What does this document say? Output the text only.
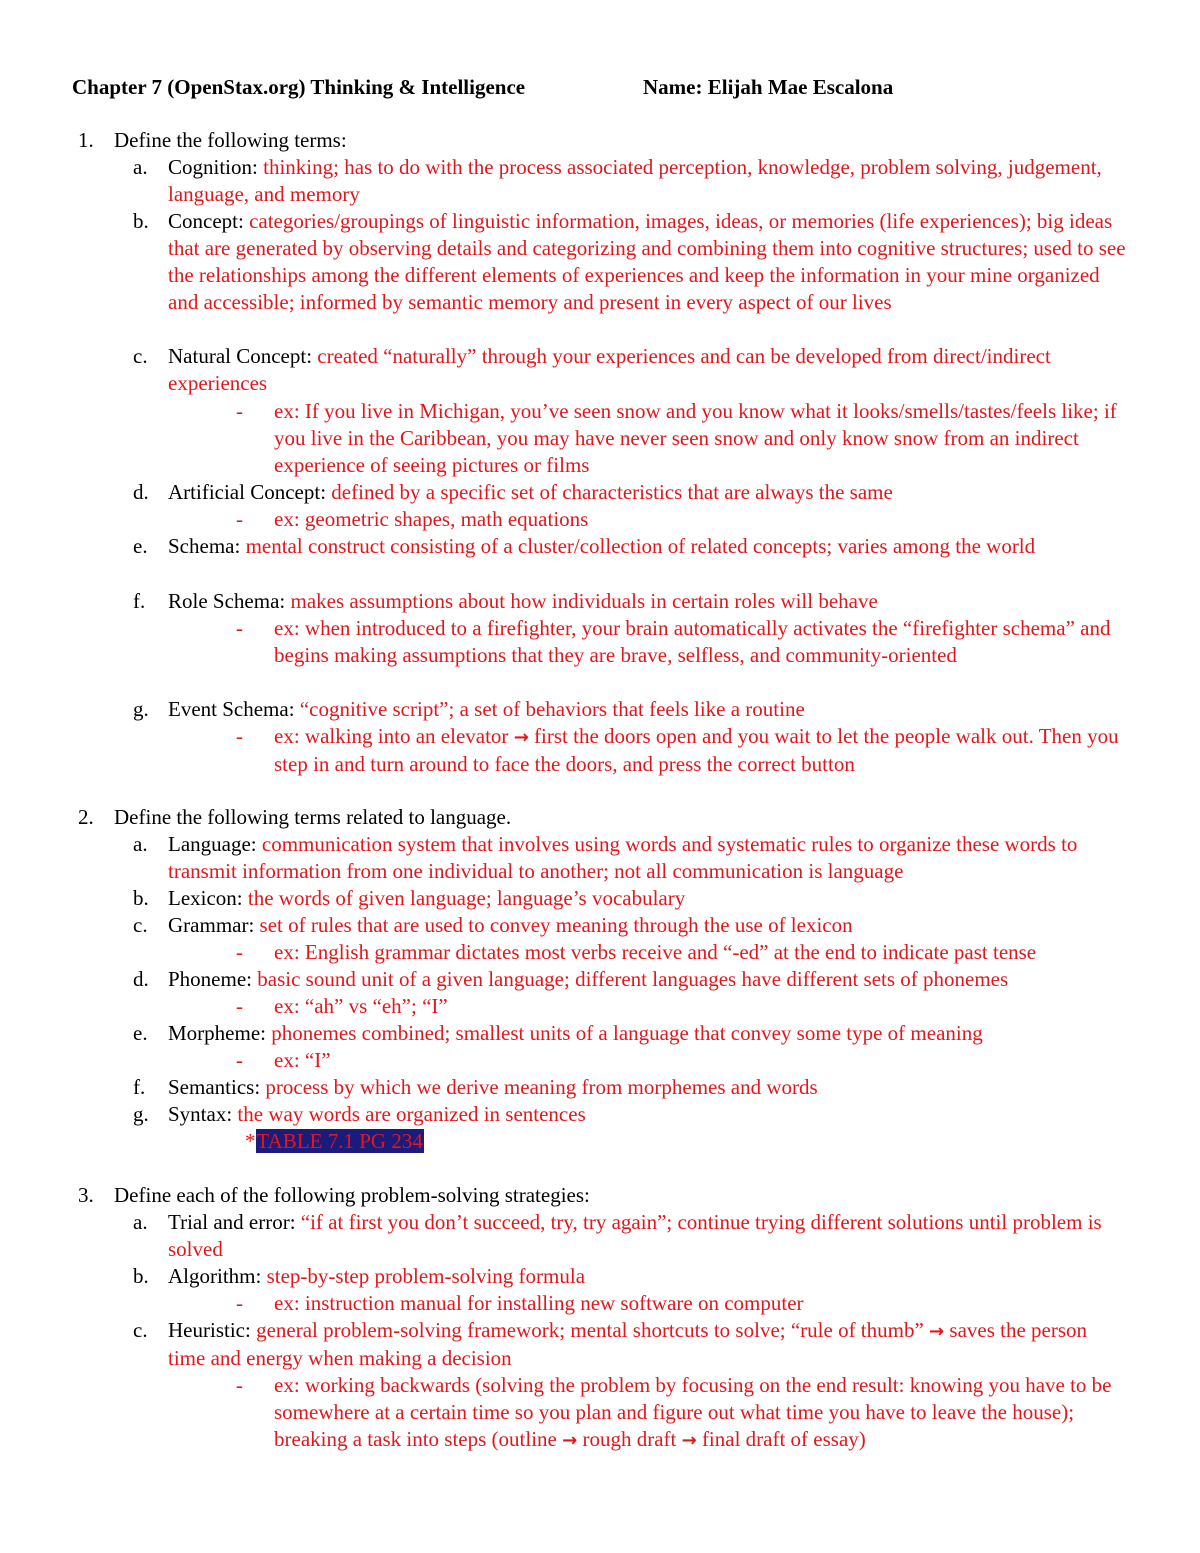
Chapter 7 (OpenStax.org) Thinking & Intelligence	Name: Elijah Mae Escalona
1. Define the following terms:
a. Cognition: thinking; has to do with the process associated perception, knowledge, problem solving, judgement, language, and memory
b. Concept: categories/groupings of linguistic information, images, ideas, or memories (life experiences); big ideas that are generated by observing details and categorizing and combining them into cognitive structures; used to see the relationships among the different elements of experiences and keep the information in your mine organized and accessible; informed by semantic memory and present in every aspect of our lives
c. Natural Concept: created “naturally” through your experiences and can be developed from direct/indirect experiences
- ex: If you live in Michigan, you’ve seen snow and you know what it looks/smells/tastes/feels like; if you live in the Caribbean, you may have never seen snow and only know snow from an indirect experience of seeing pictures or films
d. Artificial Concept: defined by a specific set of characteristics that are always the same
- ex: geometric shapes, math equations
e. Schema: mental construct consisting of a cluster/collection of related concepts; varies among the world
f. Role Schema: makes assumptions about how individuals in certain roles will behave
- ex: when introduced to a firefighter, your brain automatically activates the “firefighter schema” and begins making assumptions that they are brave, selfless, and community-oriented
g. Event Schema: “cognitive script”; a set of behaviors that feels like a routine
- ex: walking into an elevator → first the doors open and you wait to let the people walk out. Then you step in and turn around to face the doors, and press the correct button
2. Define the following terms related to language.
a. Language: communication system that involves using words and systematic rules to organize these words to transmit information from one individual to another; not all communication is language
b. Lexicon: the words of given language; language’s vocabulary
c. Grammar: set of rules that are used to convey meaning through the use of lexicon
- ex: English grammar dictates most verbs receive and “-ed” at the end to indicate past tense
d. Phoneme: basic sound unit of a given language; different languages have different sets of phonemes
- ex: “ah” vs “eh”; “I”
e. Morpheme: phonemes combined; smallest units of a language that convey some type of meaning
- ex: “I”
f. Semantics: process by which we derive meaning from morphemes and words
g. Syntax: the way words are organized in sentences
*TABLE 7.1 PG 234
3. Define each of the following problem-solving strategies:
a. Trial and error: “if at first you don’t succeed, try, try again”; continue trying different solutions until problem is solved
b. Algorithm: step-by-step problem-solving formula
- ex: instruction manual for installing new software on computer
c. Heuristic: general problem-solving framework; mental shortcuts to solve; “rule of thumb” → saves the person time and energy when making a decision
- ex: working backwards (solving the problem by focusing on the end result: knowing you have to be somewhere at a certain time so you plan and figure out what time you have to leave the house); breaking a task into steps (outline → rough draft → final draft of essay)
